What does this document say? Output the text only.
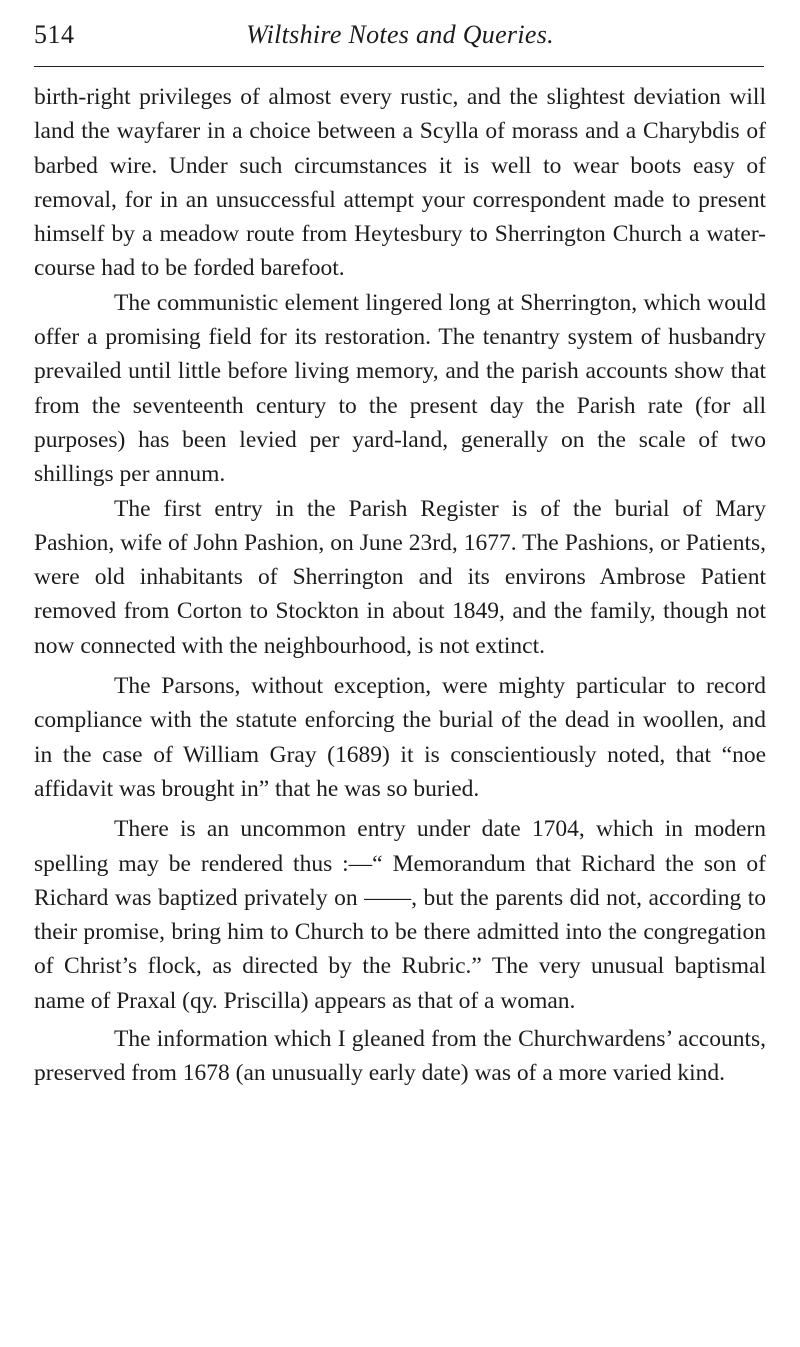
514	Wiltshire Notes and Queries.

birth-right privileges of almost every rustic, and the slightest deviation will land the wayfarer in a choice between a Scylla of morass and a Charybdis of barbed wire. Under such circumstances it is well to wear boots easy of removal, for in an unsuccessful attempt your correspondent made to present himself by a meadow route from Heytesbury to Sherrington Church a water-course had to be forded barefoot.

The communistic element lingered long at Sherrington, which would offer a promising field for its restoration. The tenantry system of husbandry prevailed until little before living memory, and the parish accounts show that from the seventeenth century to the present day the Parish rate (for all purposes) has been levied per yard-land, generally on the scale of two shillings per annum.

The first entry in the Parish Register is of the burial of Mary Pashion, wife of John Pashion, on June 23rd, 1677. The Pashions, or Patients, were old inhabitants of Sherrington and its environs Ambrose Patient removed from Corton to Stockton in about 1849, and the family, though not now connected with the neighbourhood, is not extinct.

The Parsons, without exception, were mighty particular to record compliance with the statute enforcing the burial of the dead in woollen, and in the case of William Gray (1689) it is conscientiously noted, that “noe affidavit was brought in” that he was so buried.

There is an uncommon entry under date 1704, which in modern spelling may be rendered thus :—“ Memorandum that Richard the son of Richard was baptized privately on ——, but the parents did not, according to their promise, bring him to Church to be there admitted into the congregation of Christ’s flock, as directed by the Rubric.” The very unusual baptismal name of Praxal (qy. Priscilla) appears as that of a woman.

The information which I gleaned from the Churchwardens’ accounts, preserved from 1678 (an unusually early date) was of a more varied kind.
